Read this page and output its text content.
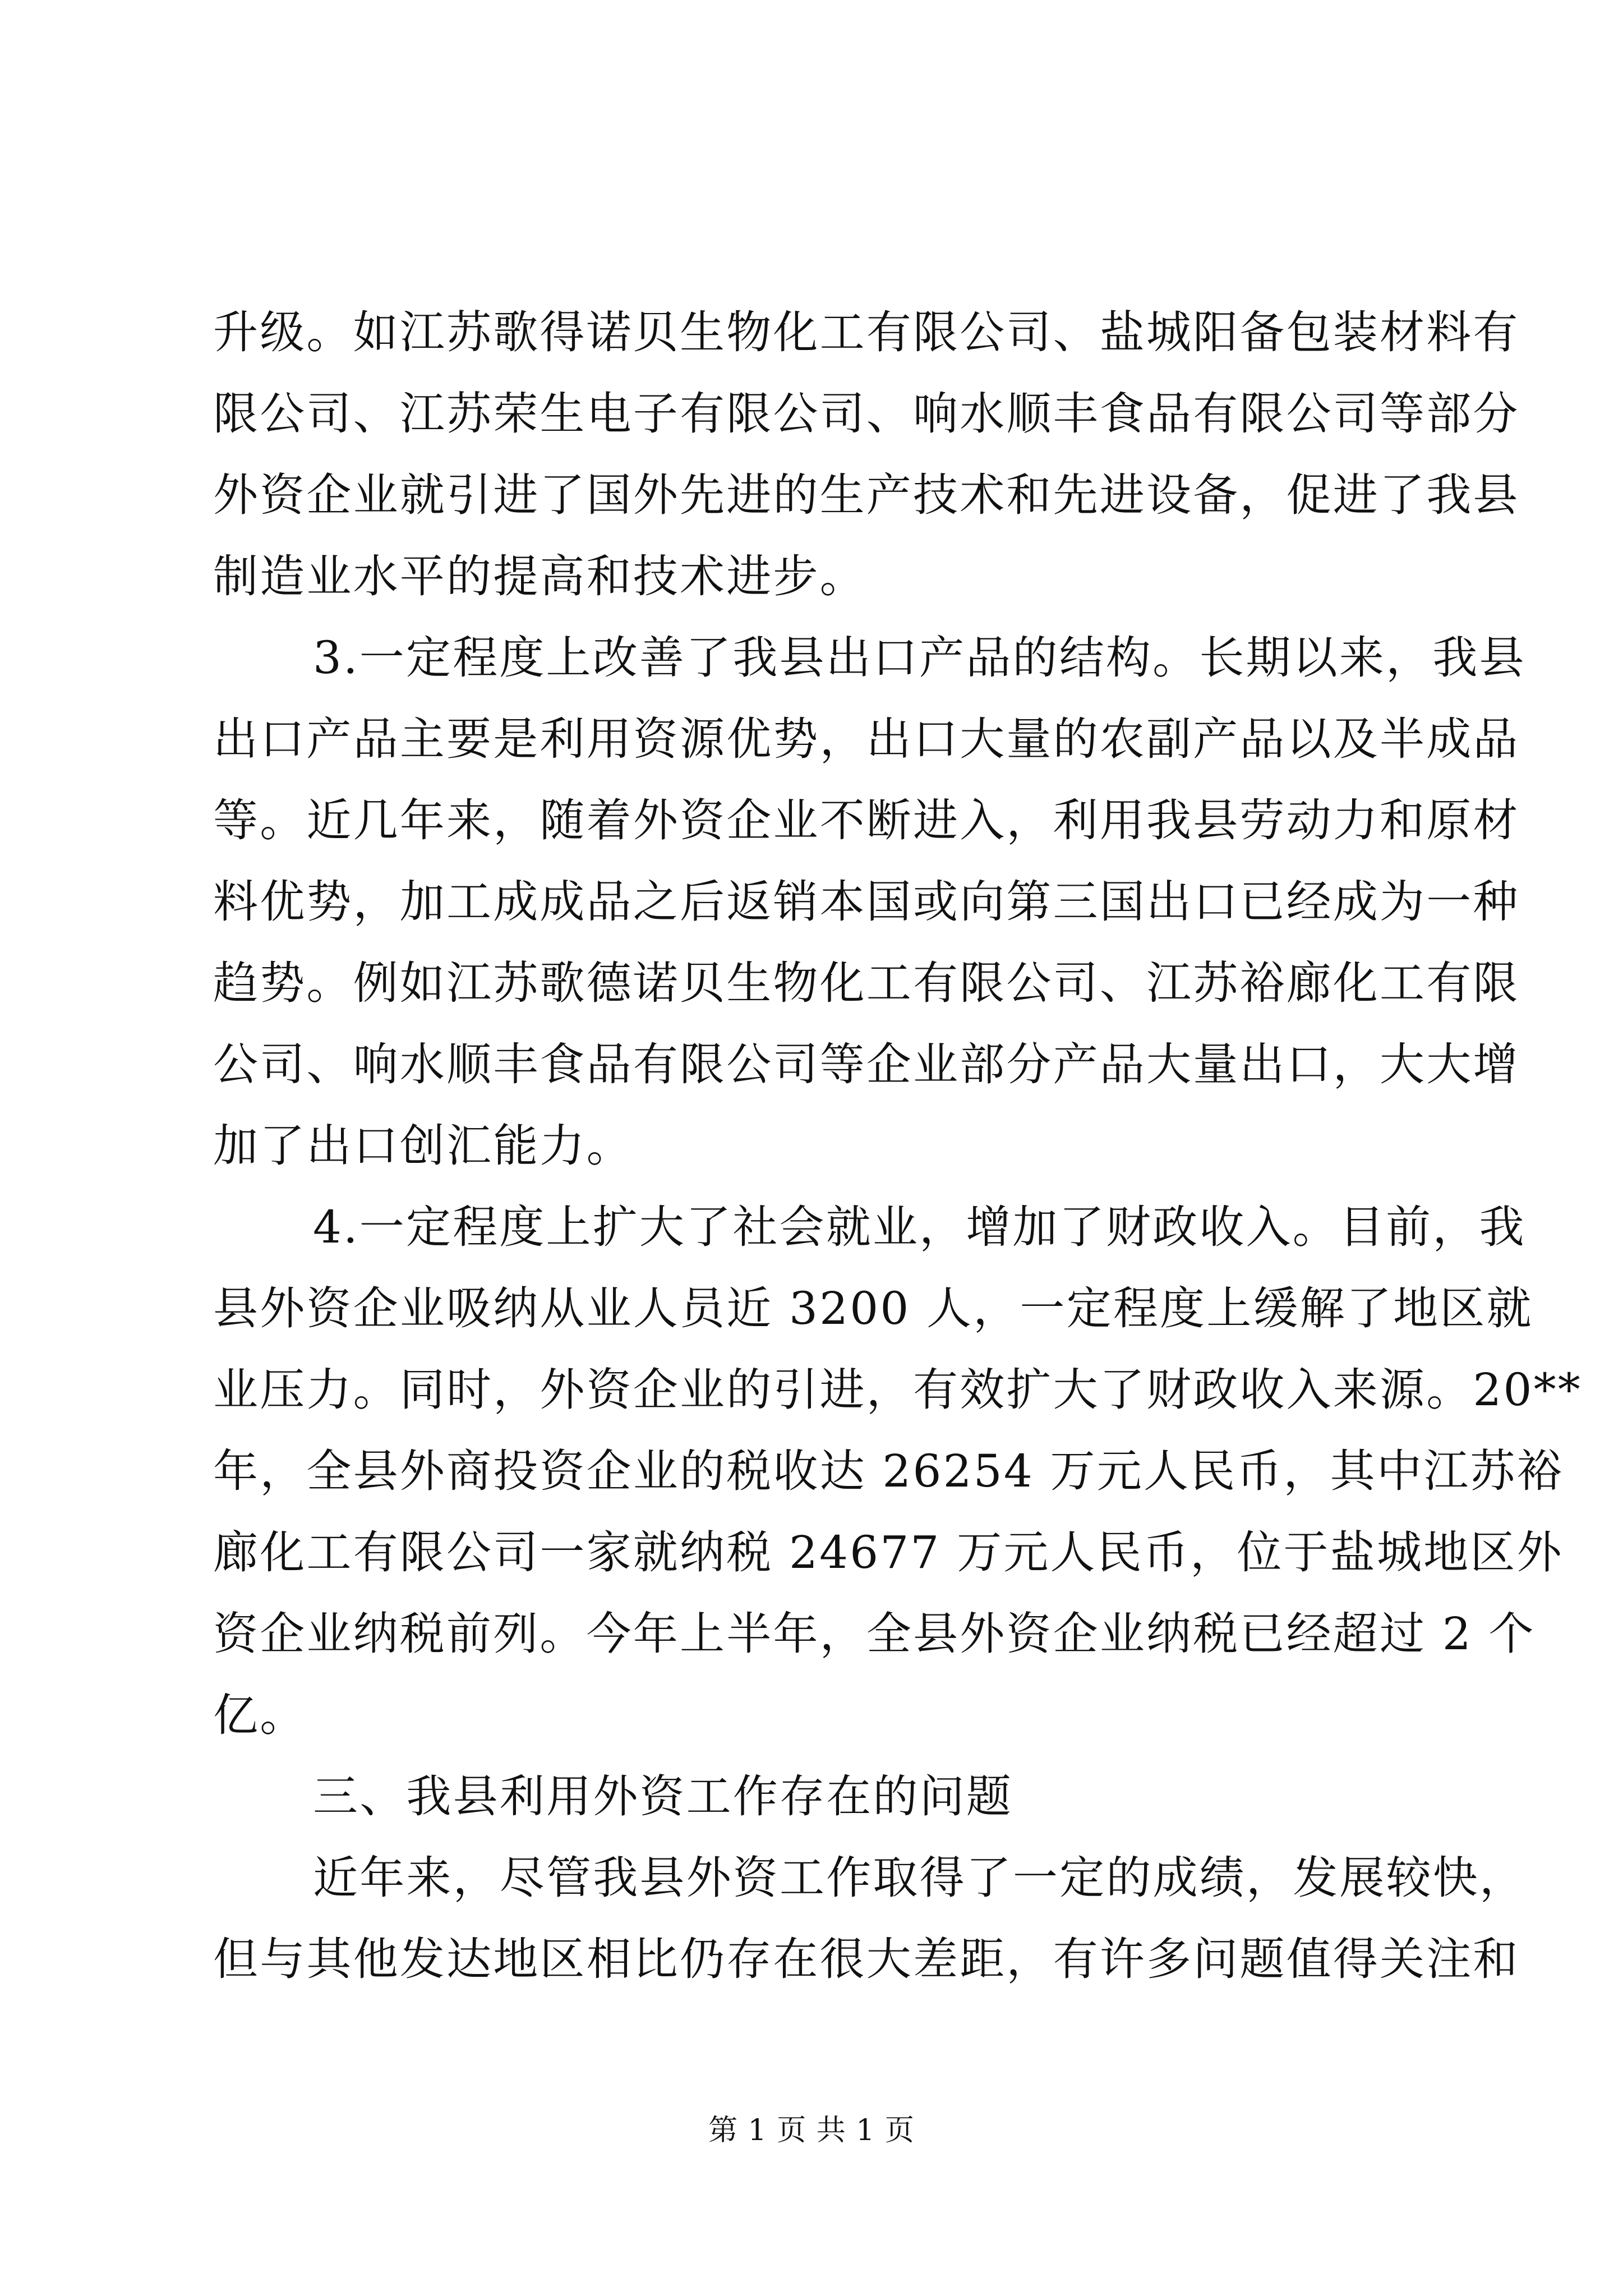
升级。如江苏歌得诺贝生物化工有限公司、盐城阳备包装材料有
限公司、江苏荣生电子有限公司、响水顺丰食品有限公司等部分
外资企业就引进了国外先进的生产技术和先进设备，促进了我县
制造业水平的提高和技术进步。
3.一定程度上改善了我县出口产品的结构。长期以来，我县
出口产品主要是利用资源优势，出口大量的农副产品以及半成品
等。近几年来，随着外资企业不断进入，利用我县劳动力和原材
料优势，加工成成品之后返销本国或向第三国出口已经成为一种
趋势。例如江苏歌德诺贝生物化工有限公司、江苏裕廊化工有限
公司、响水顺丰食品有限公司等企业部分产品大量出口，大大增
加了出口创汇能力。
4.一定程度上扩大了社会就业，增加了财政收入。目前，我
县外资企业吸纳从业人员近 3200 人，一定程度上缓解了地区就
业压力。同时，外资企业的引进，有效扩大了财政收入来源。20**
年，全县外商投资企业的税收达 26254 万元人民币，其中江苏裕
廊化工有限公司一家就纳税 24677 万元人民币，位于盐城地区外
资企业纳税前列。今年上半年，全县外资企业纳税已经超过 2 个
亿。
三、我县利用外资工作存在的问题
近年来，尽管我县外资工作取得了一定的成绩，发展较快，
但与其他发达地区相比仍存在很大差距，有许多问题值得关注和
第 1 页 共 1 页
